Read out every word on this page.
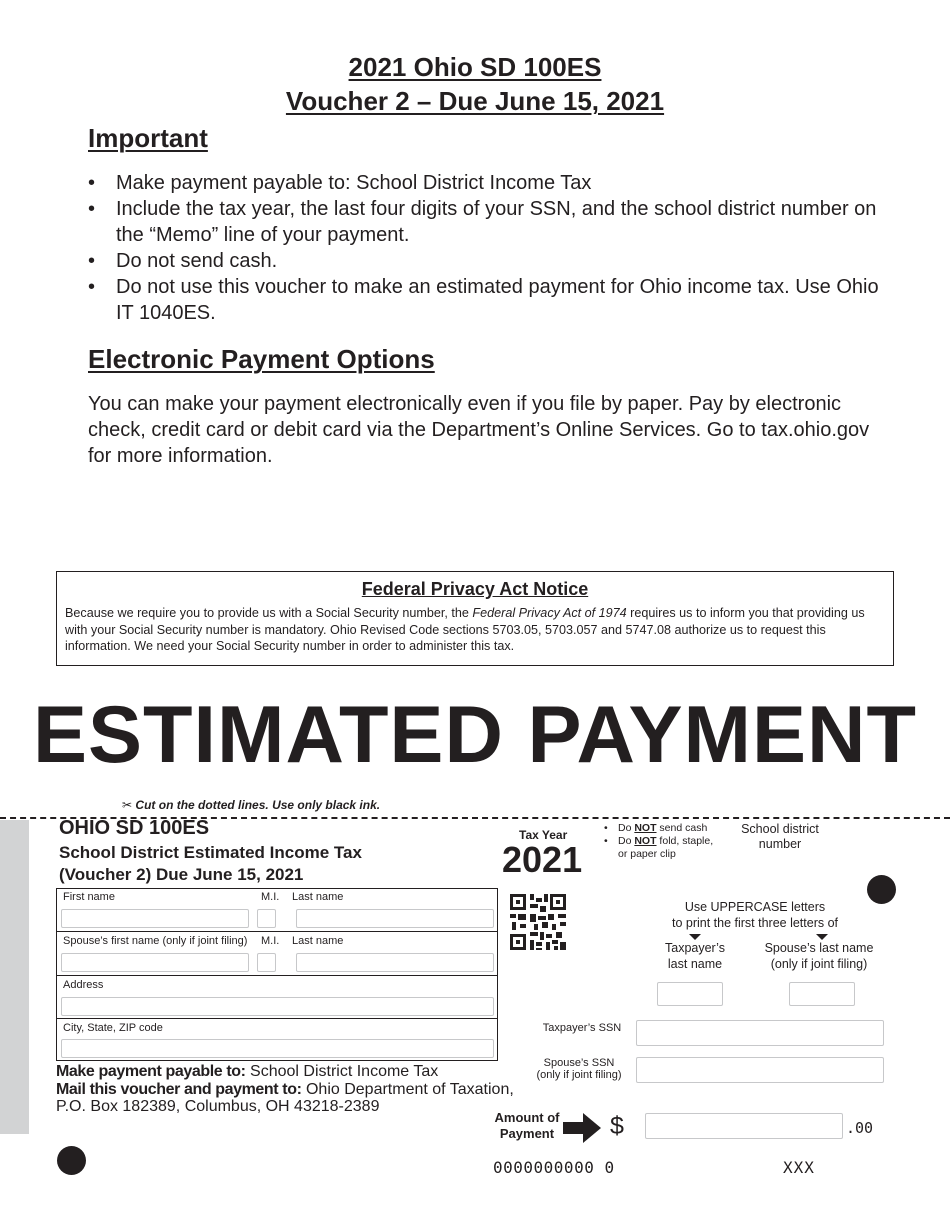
2021 Ohio SD 100ES
Voucher 2 – Due June 15, 2021
Important
• Make payment payable to: School District Income Tax
• Include the tax year, the last four digits of your SSN, and the school district number on the “Memo” line of your payment.
• Do not send cash.
• Do not use this voucher to make an estimated payment for Ohio income tax. Use Ohio IT 1040ES.
Electronic Payment Options
You can make your payment electronically even if you file by paper. Pay by electronic check, credit card or debit card via the Department’s Online Services. Go to tax.ohio.gov for more information.
Federal Privacy Act Notice
Because we require you to provide us with a Social Security number, the Federal Privacy Act of 1974 requires us to inform you that providing us with your Social Security number is mandatory. Ohio Revised Code sections 5703.05, 5703.057 and 5747.08 authorize us to request this information. We need your Social Security number in order to administer this tax.
ESTIMATED PAYMENT
✂ Cut on the dotted lines. Use only black ink.
OHIO SD 100ES
School District Estimated Income Tax
(Voucher 2) Due June 15, 2021
First name	M.I. Last name
Spouse’s first name (only if joint filing) M.I. Last name
Address
City, State, ZIP code
Make payment payable to: School District Income Tax
Mail this voucher and payment to: Ohio Department of Taxation,
P.O. Box 182389, Columbus, OH 43218-2389
Tax Year
2021
• Do NOT send cash
• Do NOT fold, staple,
or paper clip
School district number
Use UPPERCASE letters
to print the first three letters of
Taxpayer’s
last name
Spouse’s last name
(only if joint filing)
Taxpayer’s SSN
Spouse’s SSN
(only if joint filing)
Amount of
Payment	$	.00
0000000000 0	XXX
